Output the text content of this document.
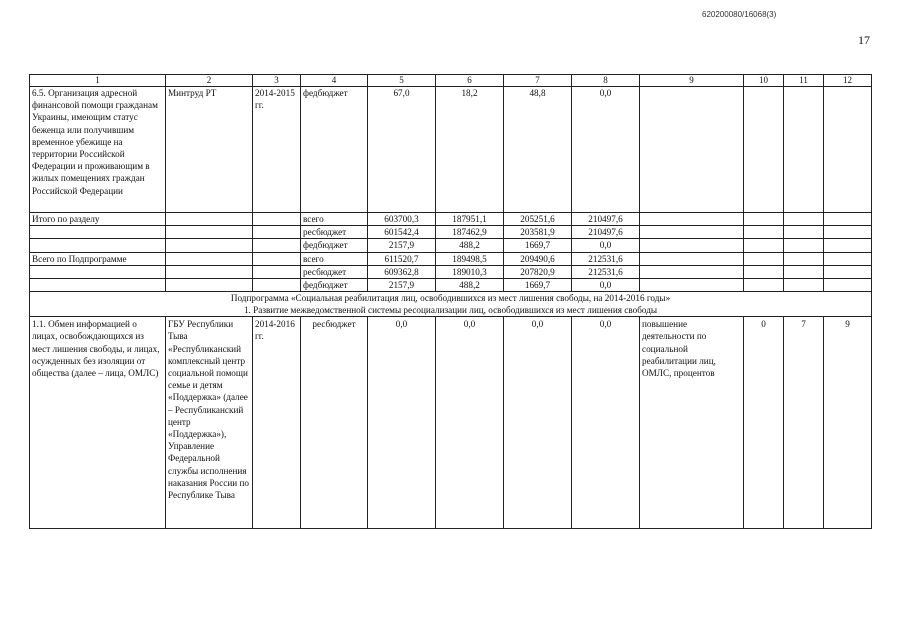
620200080/16068(3)
17
1	2	3	4	5	6	7	8	9	10	11	12
6.5. Организация адресной финансовой помощи гражданам Украины, имеющим статус беженца или получившим временное убежище на территории Российской Федерации и проживающим в жилых помещениях граждан Российской Федерации	Минтруд РТ	2014-2015 гг.	федбюджет	67,0	18,2	48,8	0,0				
Итого по разделу			всего	603700,3	187951,1	205251,6	210497,6				
			ресбюджет	601542,4	187462,9	203581,9	210497,6				
			федбюджет	2157,9	488,2	1669,7	0,0				
Всего по Подпрограмме			всего	611520,7	189498,5	209490,6	212531,6				
			ресбюджет	609362,8	189010,3	207820,9	212531,6				
			федбюджет	2157,9	488,2	1669,7	0,0				

Подпрограмма «Социальная реабилитация лиц, освободившихся из мест лишения свободы, на 2014-2016 годы»
1. Развитие межведомственной системы ресоциализации лиц, освободившихся из мест лишения свободы											

1.1. Обмен информацией о лицах, освобождающихся из мест лишения свободы, и лицах, осужденных без изоляции от общества (далее – лица, ОМЛС)	ГБУ Республики Тыва «Республиканский комплексный центр социальной помощи семье и детям «Поддержка» (далее – Республиканский центр «Поддержка»), Управление Федеральной службы исполнения наказания России по Республике Тыва	2014-2016 гг.	ресбюджет	0,0	0,0	0,0	0,0	повышение деятельности по социальной реабилитации лиц, ОМЛС, процентов	0	7	9
